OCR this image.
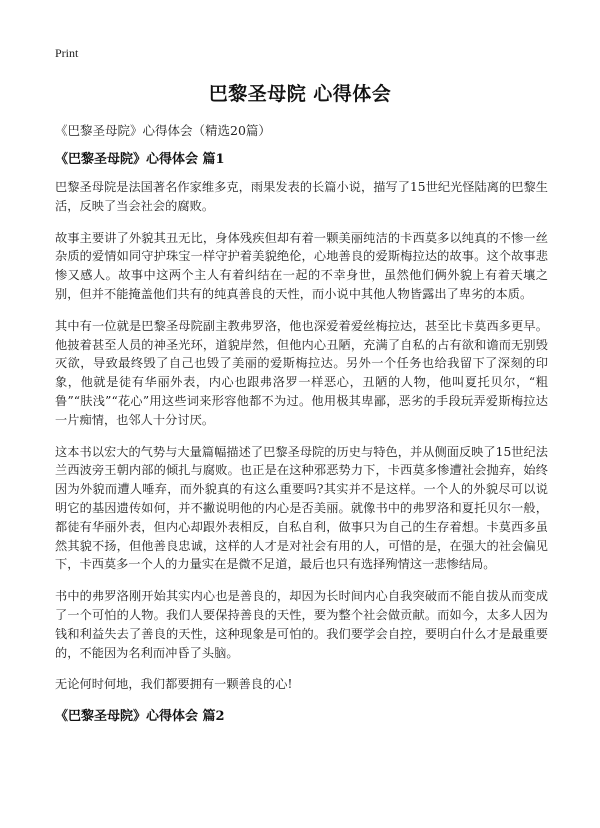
Print
巴黎圣母院 心得体会

《巴黎圣母院》心得体会（精选20篇）

《巴黎圣母院》心得体会 篇1

巴黎圣母院是法国著名作家维多克，雨果发表的长篇小说，描写了15世纪光怪陆离的巴黎生活，反映了当会社会的腐败。

故事主要讲了外貌其丑无比，身体残疾但却有着一颗美丽纯洁的卡西莫多以纯真的不惨一丝杂质的爱情如同守护珠宝一样守护着美貌绝伦，心地善良的爱斯梅拉达的故事。这个故事悲惨又感人。故事中这两个主人有着纠结在一起的不幸身世，虽然他们俩外貌上有着天壤之别，但并不能掩盖他们共有的纯真善良的天性，而小说中其他人物皆露出了卑劣的本质。

其中有一位就是巴黎圣母院副主教弗罗洛，他也深爱着爱丝梅拉达，甚至比卡莫西多更早。他披着甚至人员的神圣光环，道貌岸然，但他内心丑陋，充满了自私的占有欲和谵而无别毁灭欲，导致最终毁了自己也毁了美丽的爱斯梅拉达。另外一个任务也给我留下了深刻的印象，他就是徒有华丽外表，内心也跟弗洛罗一样恶心，丑陋的人物，他叫夏托贝尔，“粗鲁”“肤浅”“花心”用这些词来形容他都不为过。他用极其卑鄙，恶劣的手段玩弄爱斯梅拉达一片痴情，也邻人十分讨厌。

这本书以宏大的气势与大量篇幅描述了巴黎圣母院的历史与特色，并从侧面反映了15世纪法兰西波旁王朝内部的倾扎与腐败。也正是在这种邪恶势力下，卡西莫多惨遭社会抛弃，始终因为外貌而遭人唾弃，而外貌真的有这么重要吗?其实并不是这样。一个人的外貌尽可以说明它的基因遗传如何，并不撇说明他的内心是否美丽。就像书中的弗罗洛和夏托贝尔一般，都徒有华丽外表，但内心却跟外表相反，自私自利，做事只为自己的生存着想。卡莫西多虽然其貌不扬，但他善良忠诚，这样的人才是对社会有用的人，可惜的是，在强大的社会偏见下，卡西莫多一个人的力量实在是微不足道，最后也只有选择殉情这一悲惨结局。

书中的弗罗洛刚开始其实内心也是善良的，却因为长时间内心自我突破而不能自拔从而变成了一个可怕的人物。我们人要保持善良的天性，要为整个社会做贡献。而如今，太多人因为钱和利益失去了善良的天性，这种现象是可怕的。我们要学会自控，要明白什么才是最重要的，不能因为名利而冲昏了头脑。

无论何时何地，我们都要拥有一颗善良的心!

《巴黎圣母院》心得体会 篇2
